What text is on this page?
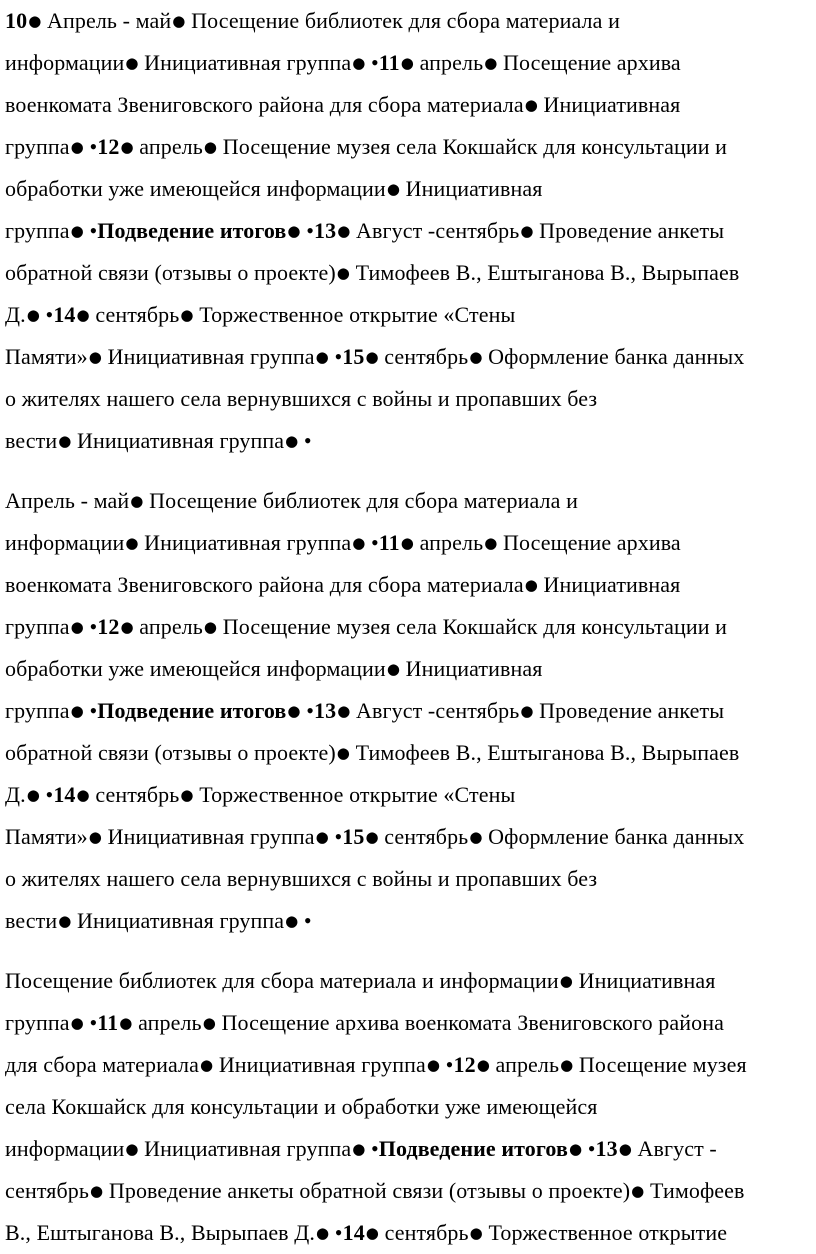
10● Апрель - май● Посещение библиотек для сбора материала и
информации● Инициативная группа● •11● апрель● Посещение архива
военкомата Звениговского района для сбора материала● Инициативная
группа● •12● апрель● Посещение музея села Кокшайск для консультации и
обработки уже имеющейся информации● Инициативная
группа● •Подведение итогов● •13● Август -сентябрь● Проведение анкеты
обратной связи (отзывы о проекте)● Тимофеев В., Ештыганова В., Вырыпаев
Д.● •14● сентябрь● Торжественное открытие «Стены
Памяти»● Инициативная группа● •15● сентябрь● Оформление банка данных
о жителях нашего села вернувшихся с войны и пропавших без
вести● Инициативная группа● •
Апрель - май● Посещение библиотек для сбора материала и
информации● Инициативная группа● •11● апрель● Посещение архива
военкомата Звениговского района для сбора материала● Инициативная
группа● •12● апрель● Посещение музея села Кокшайск для консультации и
обработки уже имеющейся информации● Инициативная
группа● •Подведение итогов● •13● Август -сентябрь● Проведение анкеты
обратной связи (отзывы о проекте)● Тимофеев В., Ештыганова В., Вырыпаев
Д.● •14● сентябрь● Торжественное открытие «Стены
Памяти»● Инициативная группа● •15● сентябрь● Оформление банка данных
о жителях нашего села вернувшихся с войны и пропавших без
вести● Инициативная группа● •
Посещение библиотек для сбора материала и информации● Инициативная
группа● •11● апрель● Посещение архива военкомата Звениговского района
для сбора материала● Инициативная группа● •12● апрель● Посещение музея
села Кокшайск для консультации и обработки уже имеющейся
информации● Инициативная группа● •Подведение итогов● •13● Август -
сентябрь● Проведение анкеты обратной связи (отзывы о проекте)● Тимофеев
В., Ештыганова В., Вырыпаев Д.● •14● сентябрь● Торжественное открытие
